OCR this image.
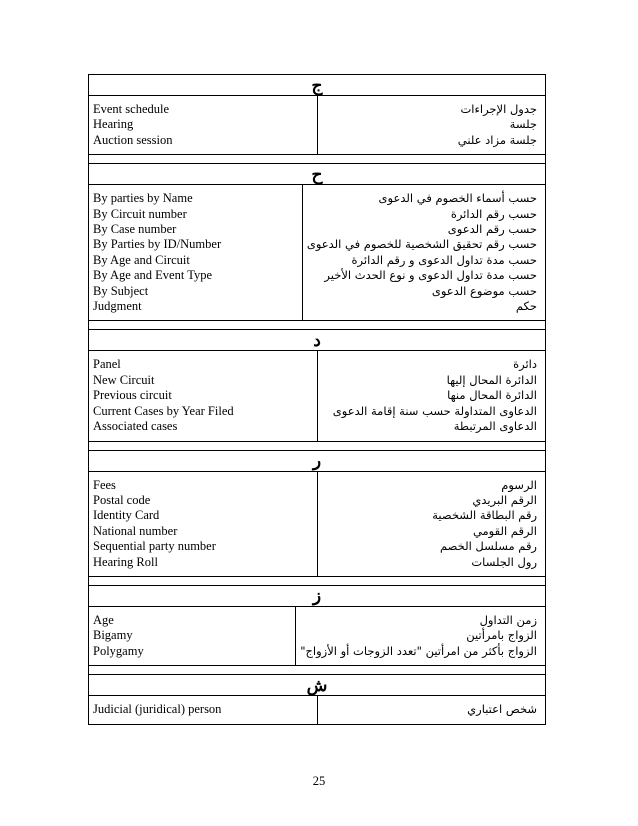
ج
Event schedule
Hearing
Auction session
جدول الإجراءات
جلسة
جلسة مزاد علني
ح
By parties by Name
By Circuit number
By Case number
By Parties by ID/Number
By Age and Circuit
By Age and Event Type
By Subject
Judgment
حسب أسماء الخصوم في الدعوى
حسب رقم الدائرة
حسب رقم الدعوى
حسب رقم تحقيق الشخصية للخصوم في الدعوى
حسب مدة تداول الدعوى و رقم الدائرة
حسب مدة تداول الدعوى و نوع الحدث الأخير
حسب موضوع الدعوى
حكم
د
Panel
New Circuit
Previous circuit
Current Cases by Year Filed
Associated cases
دائرة
الدائرة المحال إليها
الدائرة المحال منها
الدعاوى المتداولة حسب سنة إقامة الدعوى
الدعاوى المرتبطة
ر
Fees
Postal code
Identity Card
National number
Sequential party number
Hearing Roll
الرسوم
الرقم البريدي
رقم البطاقة الشخصية
الرقم القومي
رقم مسلسل الخصم
رول الجلسات
ز
Age
Bigamy
Polygamy
زمن التداول
الزواج بامرأتين
الزواج بأكثر من امرأتين "تعدد الزوجات أو الأزواج"
ش
Judicial (juridical) person	شخص اعتباري
25
